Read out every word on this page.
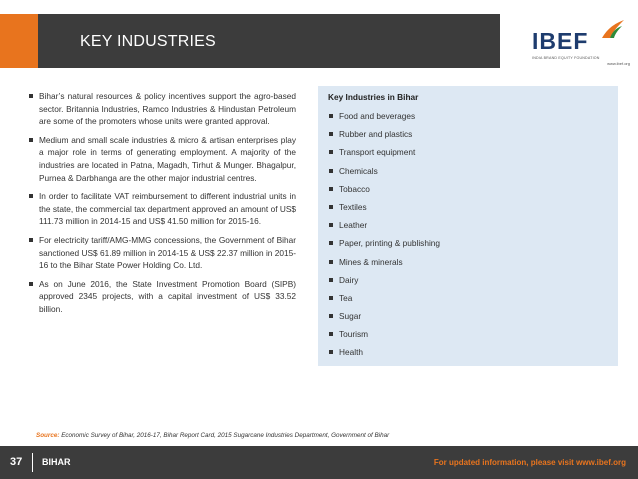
KEY INDUSTRIES	IBEF
INDIA BRAND EQUITY FOUNDATION
www.ibef.org
Bihar’s natural resources & policy incentives support the agro-based sector. Britannia Industries, Ramco Industries & Hindustan Petroleum are some of the promoters whose units were granted approval.
Medium and small scale industries & micro & artisan enterprises play a major role in terms of generating employment. A majority of the industries are located in Patna, Magadh, Tirhut & Munger. Bhagalpur, Purnea & Darbhanga are the other major industrial centres.
In order to facilitate VAT reimbursement to different industrial units in the state, the commercial tax department approved an amount of US$ 111.73 million in 2014-15 and US$ 41.50 million for 2015-16.
For electricity tariff/AMG-MMG concessions, the Government of Bihar sanctioned US$ 61.89 million in 2014-15 & US$ 22.37 million in 2015-16 to the Bihar State Power Holding Co. Ltd.
As on June 2016, the State Investment Promotion Board (SIPB) approved 2345 projects, with a capital investment of US$ 33.52 billion.
Key Industries in Bihar
Food and beverages
Rubber and plastics
Transport equipment
Chemicals
Tobacco
Textiles
Leather
Paper, printing & publishing
Mines & minerals
Dairy
Tea
Sugar
Tourism
Health
Source: Economic Survey of Bihar, 2016-17, Bihar Report Card, 2015 Sugarcane Industries Department, Government of Bihar
37 BIHAR	For updated information, please visit www.ibef.org
